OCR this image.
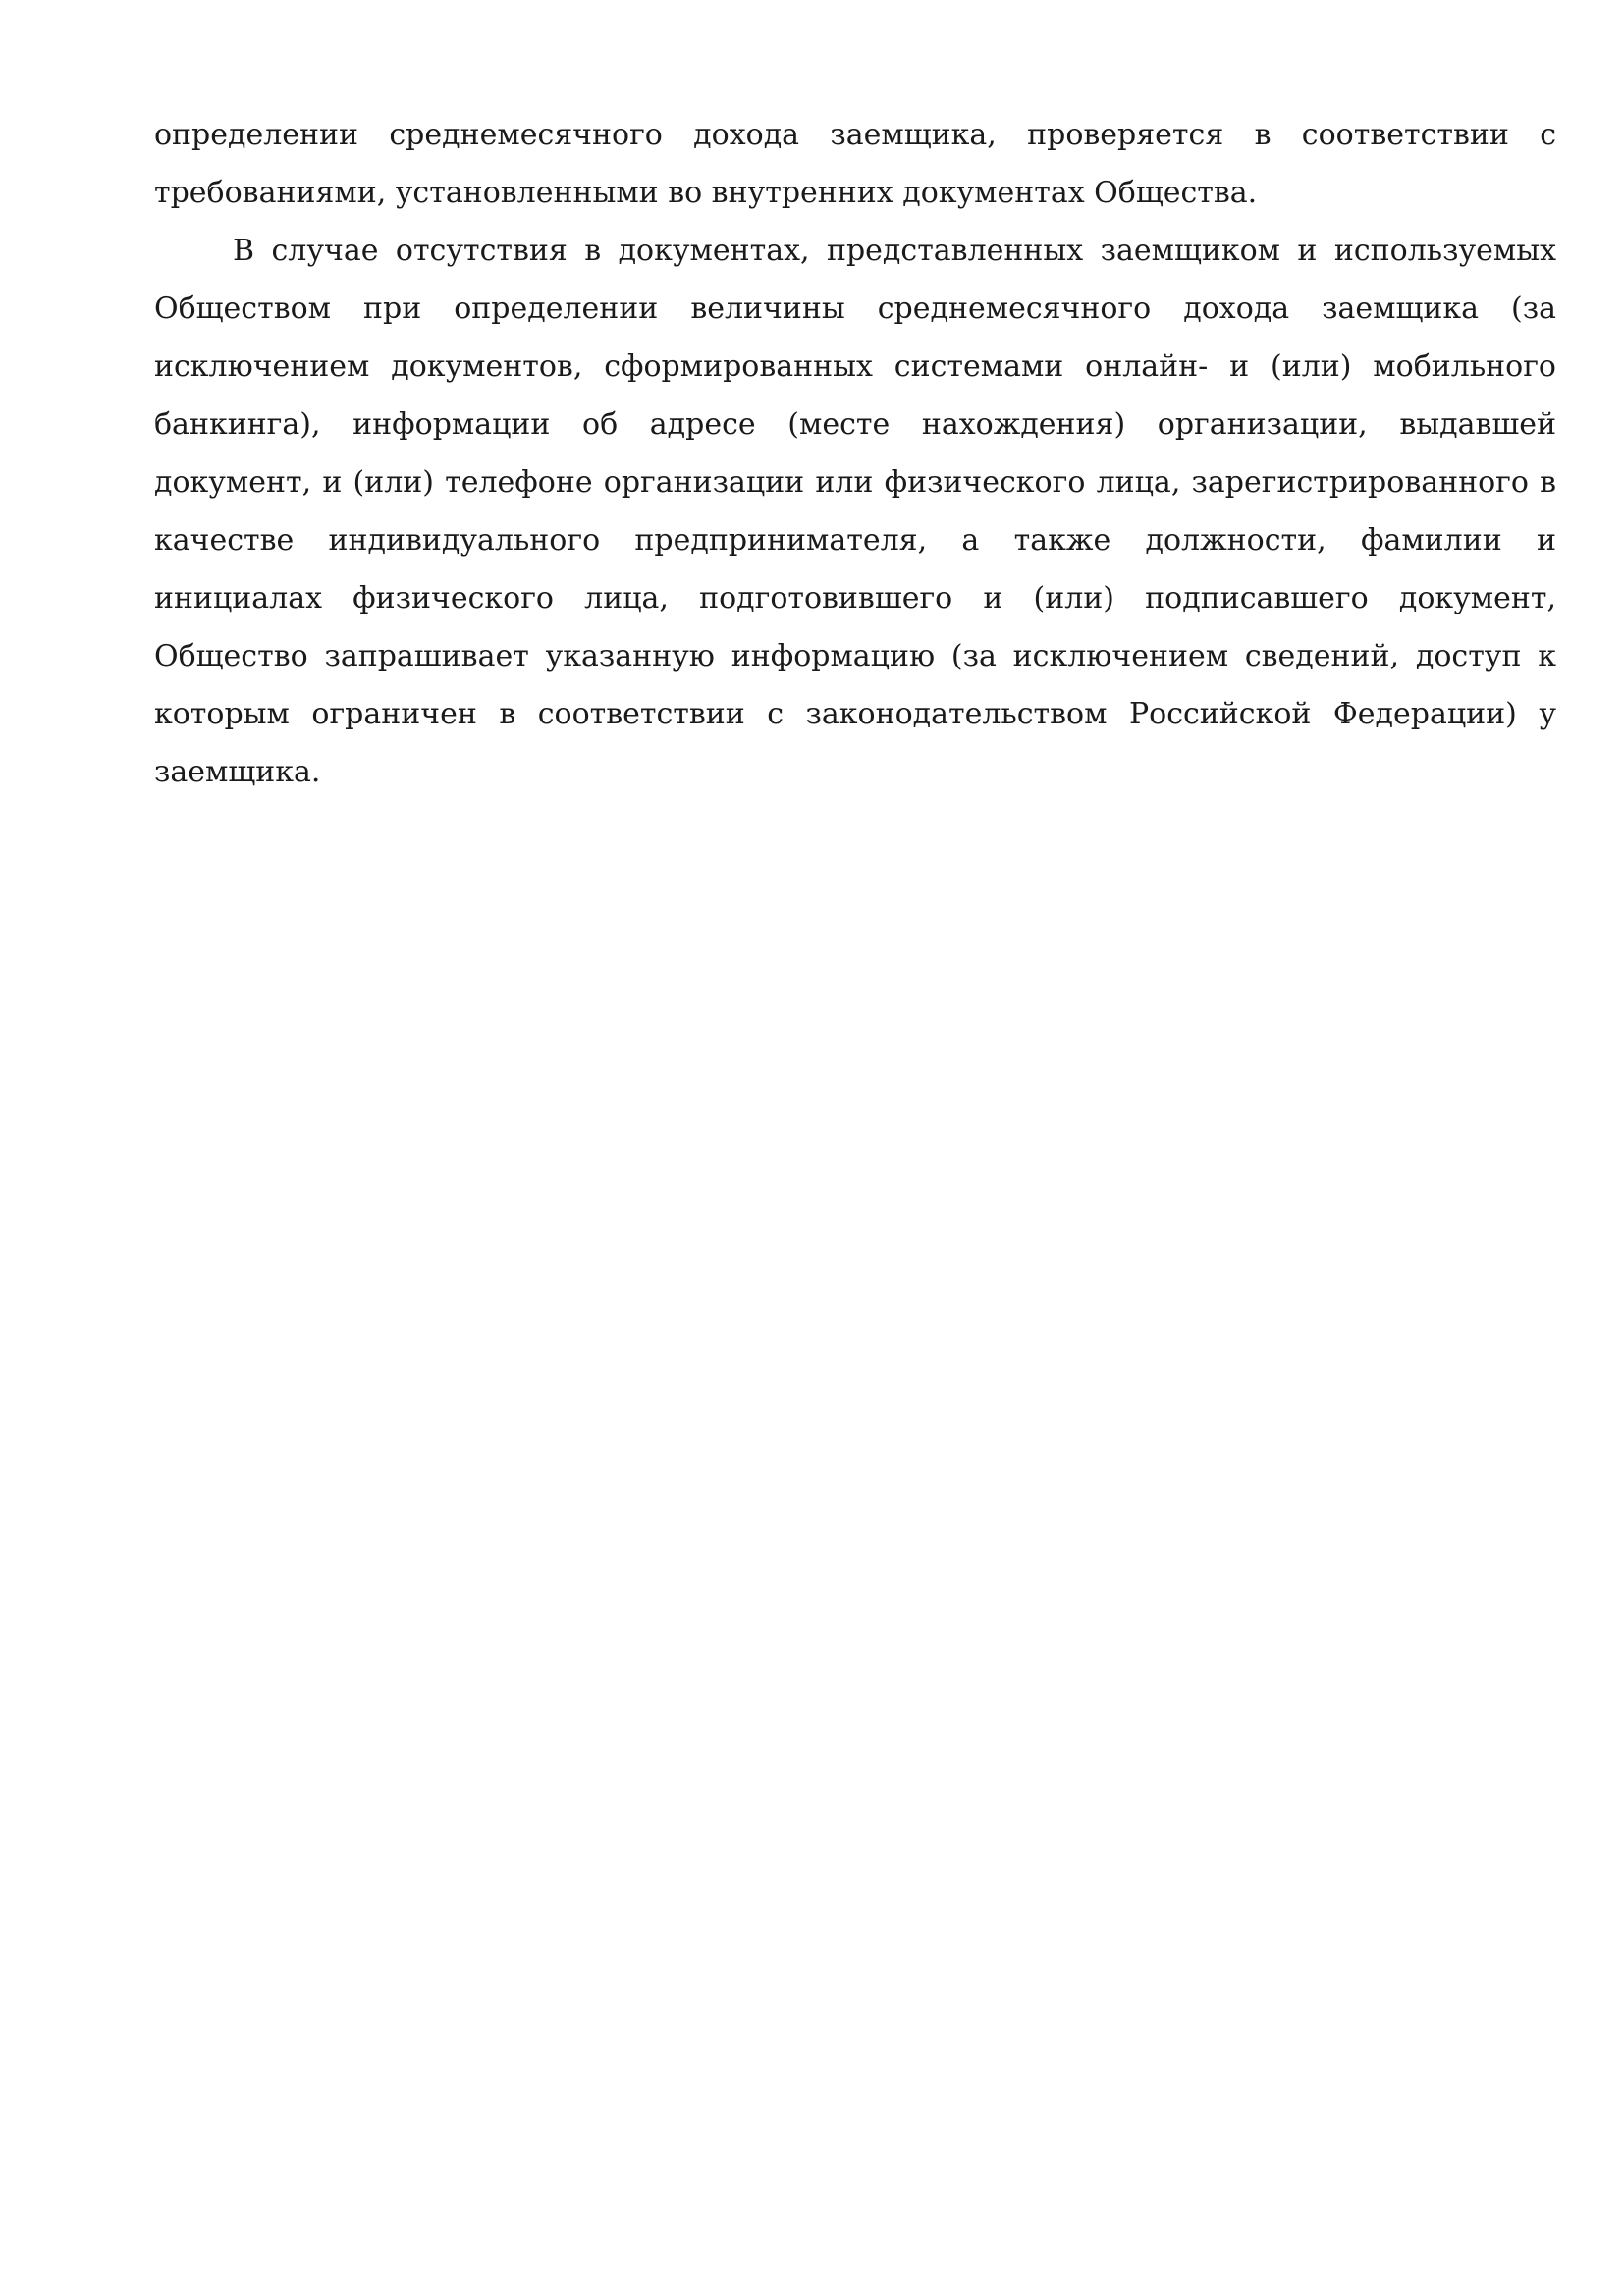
определении среднемесячного дохода заемщика, проверяется в соответствии с требованиями, установленными во внутренних документах Общества.

В случае отсутствия в документах, представленных заемщиком и используемых Обществом при определении величины среднемесячного дохода заемщика (за исключением документов, сформированных системами онлайн- и (или) мобильного банкинга), информации об адресе (месте нахождения) организации, выдавшей документ, и (или) телефоне организации или физического лица, зарегистрированного в качестве индивидуального предпринимателя, а также должности, фамилии и инициалах физического лица, подготовившего и (или) подписавшего документ, Общество запрашивает указанную информацию (за исключением сведений, доступ к которым ограничен в соответствии с законодательством Российской Федерации) у заемщика.
